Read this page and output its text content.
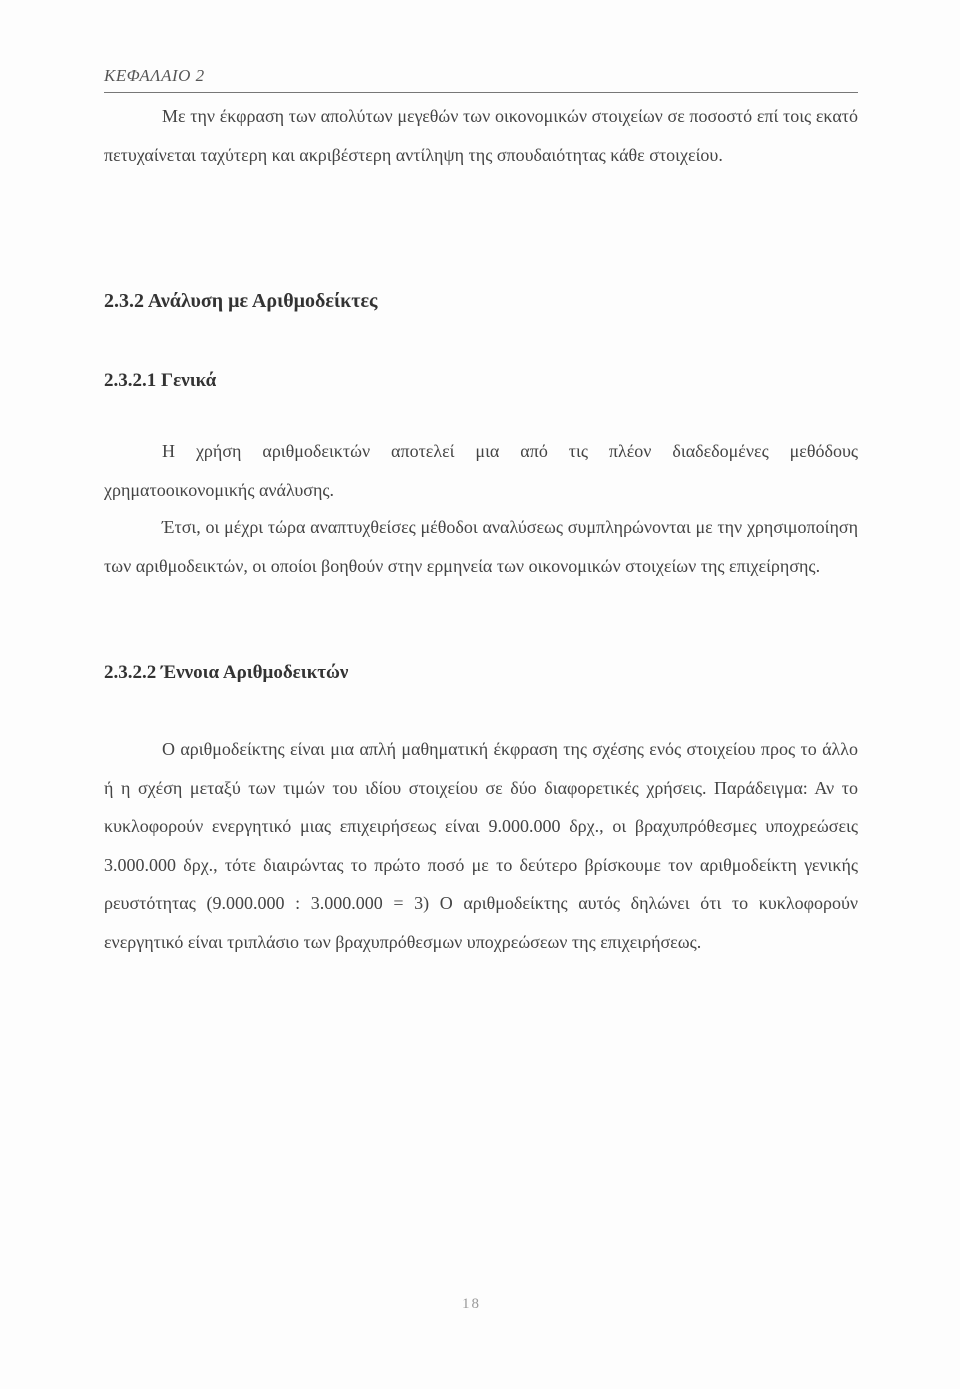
ΚΕΦΑΛΑΙΟ 2

Με την έκφραση των απολύτων μεγεθών των οικονομικών στοιχείων σε ποσοστό επί τοις εκατό πετυχαίνεται ταχύτερη και ακριβέστερη αντίληψη της σπουδαιότητας κάθε στοιχείου.

2.3.2 Ανάλυση με Αριθμοδείκτες
2.3.2.1 Γενικά

Η χρήση αριθμοδεικτών αποτελεί μια από τις πλέον διαδεδομένες μεθόδους χρηματοοικονομικής ανάλυσης.

Έτσι, οι μέχρι τώρα αναπτυχθείσες μέθοδοι αναλύσεως συμπληρώνονται με την χρησιμοποίηση των αριθμοδεικτών, οι οποίοι βοηθούν στην ερμηνεία των οικονομικών στοιχείων της επιχείρησης.

2.3.2.2 Έννοια Αριθμοδεικτών

Ο αριθμοδείκτης είναι μια απλή μαθηματική έκφραση της σχέσης ενός στοιχείου προς το άλλο ή η σχέση μεταξύ των τιμών του ιδίου στοιχείου σε δύο διαφορετικές χρήσεις. Παράδειγμα: Αν το κυκλοφορούν ενεργητικό μιας επιχειρήσεως είναι 9.000.000 δρχ., οι βραχυπρόθεσμες υποχρεώσεις 3.000.000 δρχ., τότε διαιρώντας το πρώτο ποσό με το δεύτερο βρίσκουμε τον αριθμοδείκτη γενικής ρευστότητας (9.000.000 : 3.000.000 = 3) Ο αριθμοδείκτης αυτός δηλώνει ότι το κυκλοφορούν ενεργητικό είναι τριπλάσιο των βραχυπρόθεσμων υποχρεώσεων της επιχειρήσεως.

18
